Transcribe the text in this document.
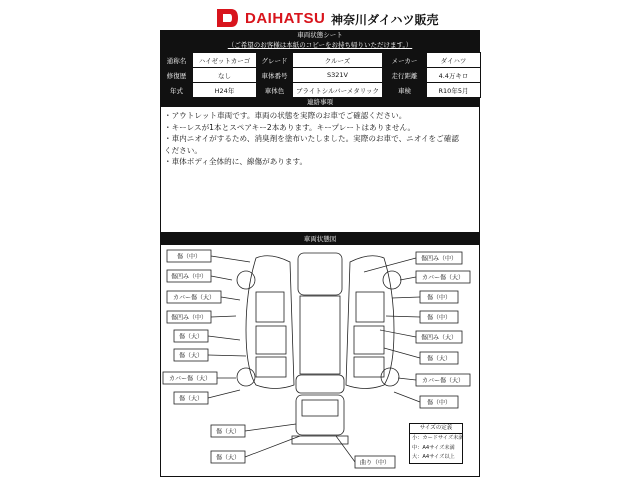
DAIHATSU 神奈川ダイハツ販売
車両状態シート
（ご希望のお客様は本紙のコピーをお持ち帰りいただけます。）
通称名	ハイゼットカーゴ	グレード	クルーズ	メーカー	ダイハツ
修復歴	なし	車体番号	S321V	走行距離	4.4万キロ
年式	H24年	車体色	ブライトシルバーメタリック	車検	R10年5月
連絡事項
・アウトレット車両です。車両の状態を実際のお車でご確認ください。
・キーレスが1本とスペアキー2本あります。キープレートはありません。
・車内ニオイがするため、消臭剤を塗布いたしました。実際のお車で、ニオイをご確認
ください。
・車体ボディ全体的に、線傷があります。
車両状態図
傷（中）
傷凹み（中）
カバー傷（大）
傷凹み（中）
傷（大）
傷（大）
カバー傷（大）
傷（大）
傷（大）
傷（大）
傷凹み（中）
カバー傷（大）
傷（中）
傷（中）
傷凹み（大）
傷（大）
カバー傷（大）
傷（中）
曲り（中）
サイズの定義
小：カードサイズ未満
中：A4サイズ未満
大：A4サイズ以上
